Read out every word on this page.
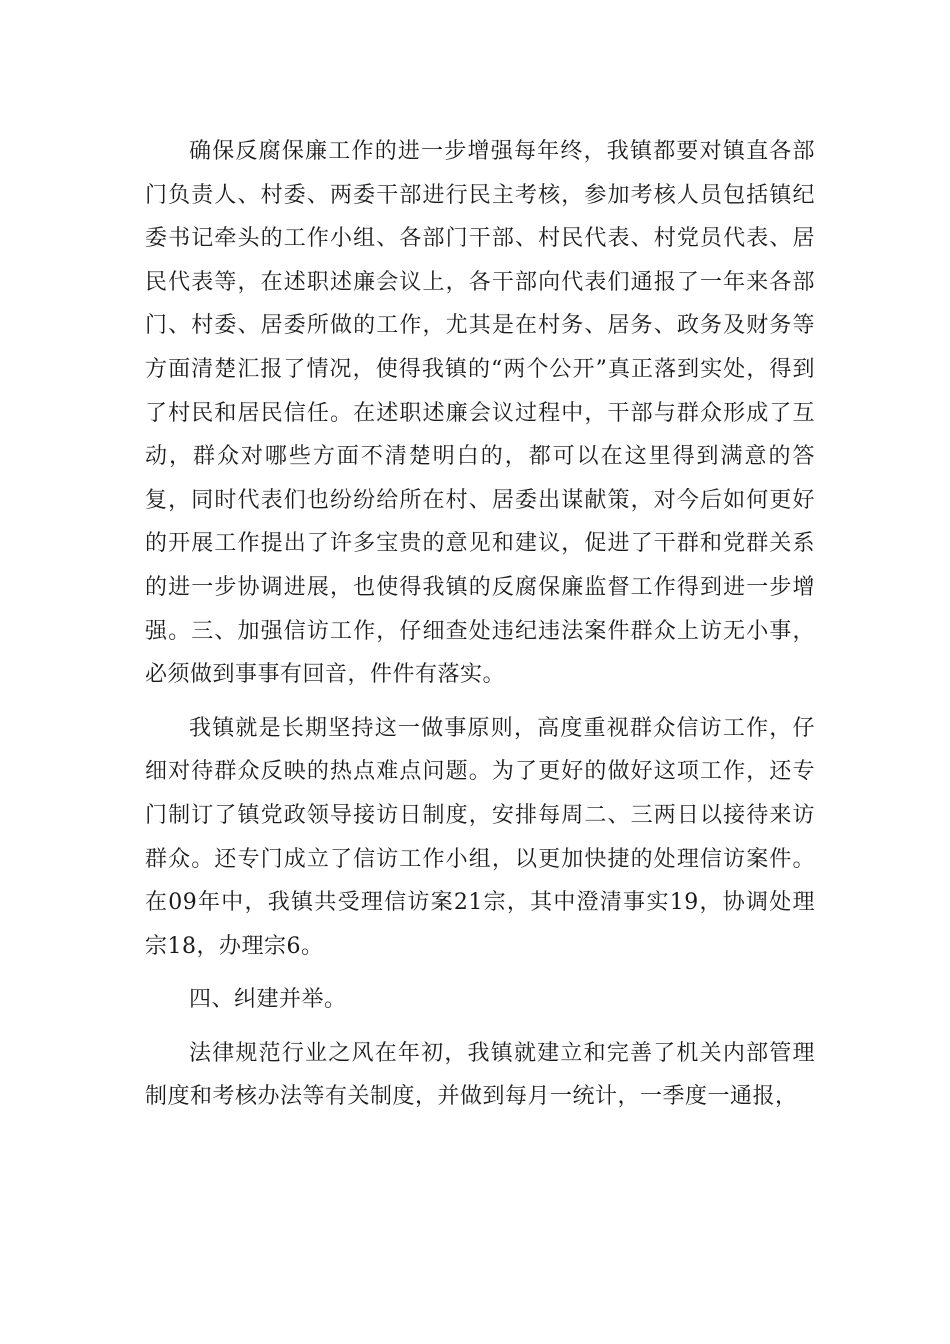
确保反腐保廉工作的进一步增强每年终，我镇都要对镇直各部门负责人、村委、两委干部进行民主考核，参加考核人员包括镇纪委书记牵头的工作小组、各部门干部、村民代表、村党员代表、居民代表等，在述职述廉会议上，各干部向代表们通报了一年来各部门、村委、居委所做的工作，尤其是在村务、居务、政务及财务等方面清楚汇报了情况，使得我镇的“两个公开”真正落到实处，得到了村民和居民信任。在述职述廉会议过程中，干部与群众形成了互动，群众对哪些方面不清楚明白的，都可以在这里得到满意的答复，同时代表们也纷纷给所在村、居委出谋献策，对今后如何更好的开展工作提出了许多宝贵的意见和建议，促进了干群和党群关系的进一步协调进展，也使得我镇的反腐保廉监督工作得到进一步增强。三、加强信访工作，仔细查处违纪违法案件群众上访无小事，必须做到事事有回音，件件有落实。

我镇就是长期坚持这一做事原则，高度重视群众信访工作，仔细对待群众反映的热点难点问题。为了更好的做好这项工作，还专门制订了镇党政领导接访日制度，安排每周二、三两日以接待来访群众。还专门成立了信访工作小组，以更加快捷的处理信访案件。在09年中，我镇共受理信访案21宗，其中澄清事实19，协调处理宗18，办理宗6。

四、纠建并举。

法律规范行业之风在年初，我镇就建立和完善了机关内部管理制度和考核办法等有关制度，并做到每月一统计，一季度一通报，
